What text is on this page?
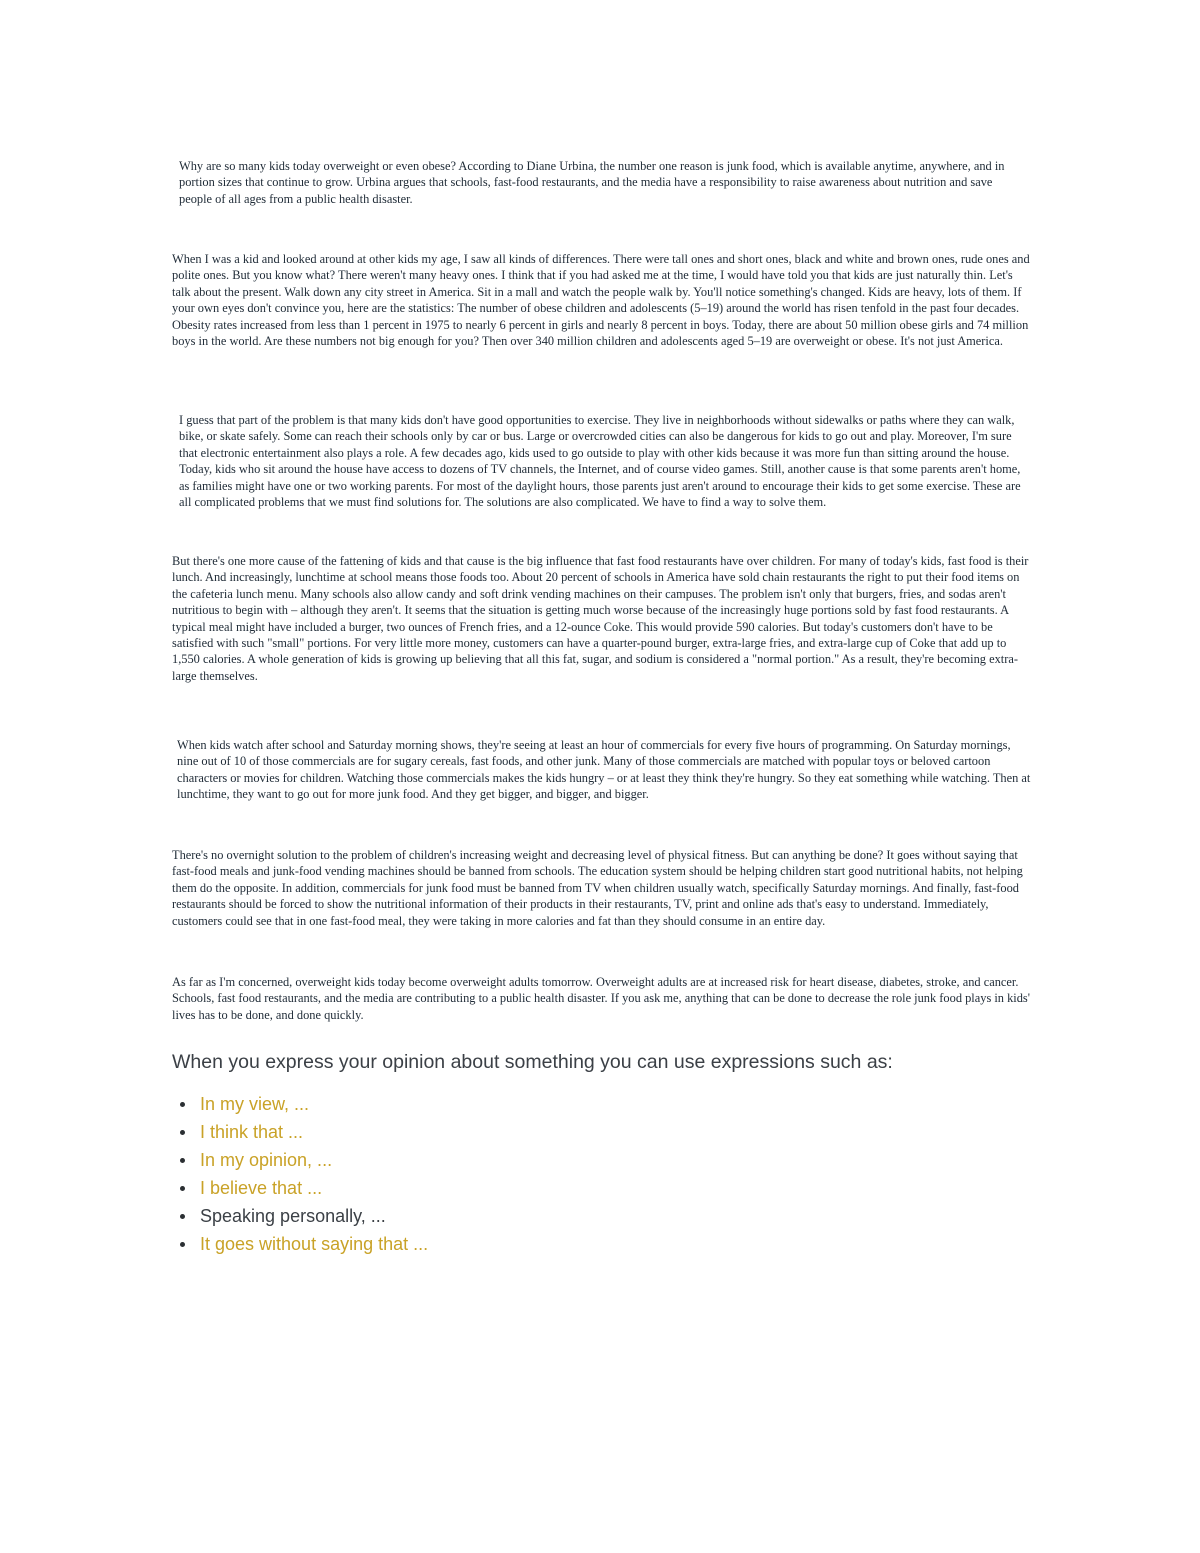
Why are so many kids today overweight or even obese? According to Diane Urbina, the number one reason is junk food, which is available anytime, anywhere, and in portion sizes that continue to grow. Urbina argues that schools, fast-food restaurants, and the media have a responsibility to raise awareness about nutrition and save people of all ages from a public health disaster.

When I was a kid and looked around at other kids my age, I saw all kinds of differences. There were tall ones and short ones, black and white and brown ones, rude ones and polite ones. But you know what? There weren't many heavy ones. I think that if you had asked me at the time, I would have told you that kids are just naturally thin. Let's talk about the present. Walk down any city street in America. Sit in a mall and watch the people walk by. You'll notice something's changed. Kids are heavy, lots of them. If your own eyes don't convince you, here are the statistics: The number of obese children and adolescents (5–19) around the world has risen tenfold in the past four decades. Obesity rates increased from less than 1 percent in 1975 to nearly 6 percent in girls and nearly 8 percent in boys. Today, there are about 50 million obese girls and 74 million boys in the world. Are these numbers not big enough for you? Then over 340 million children and adolescents aged 5–19 are overweight or obese. It's not just America.

I guess that part of the problem is that many kids don't have good opportunities to exercise. They live in neighborhoods without sidewalks or paths where they can walk, bike, or skate safely. Some can reach their schools only by car or bus. Large or overcrowded cities can also be dangerous for kids to go out and play. Moreover, I'm sure that electronic entertainment also plays a role. A few decades ago, kids used to go outside to play with other kids because it was more fun than sitting around the house. Today, kids who sit around the house have access to dozens of TV channels, the Internet, and of course video games. Still, another cause is that some parents aren't home, as families might have one or two working parents. For most of the daylight hours, those parents just aren't around to encourage their kids to get some exercise. These are all complicated problems that we must find solutions for. The solutions are also complicated. We have to find a way to solve them.

But there's one more cause of the fattening of kids and that cause is the big influence that fast food restaurants have over children. For many of today's kids, fast food is their lunch. And increasingly, lunchtime at school means those foods too. About 20 percent of schools in America have sold chain restaurants the right to put their food items on the cafeteria lunch menu. Many schools also allow candy and soft drink vending machines on their campuses. The problem isn't only that burgers, fries, and sodas aren't nutritious to begin with – although they aren't. It seems that the situation is getting much worse because of the increasingly huge portions sold by fast food restaurants. A typical meal might have included a burger, two ounces of French fries, and a 12-ounce Coke. This would provide 590 calories. But today's customers don't have to be satisfied with such "small" portions. For very little more money, customers can have a quarter-pound burger, extra-large fries, and extra-large cup of Coke that add up to 1,550 calories. A whole generation of kids is growing up believing that all this fat, sugar, and sodium is considered a "normal portion." As a result, they're becoming extra-large themselves.

When kids watch after school and Saturday morning shows, they're seeing at least an hour of commercials for every five hours of programming. On Saturday mornings, nine out of 10 of those commercials are for sugary cereals, fast foods, and other junk. Many of those commercials are matched with popular toys or beloved cartoon characters or movies for children. Watching those commercials makes the kids hungry – or at least they think they're hungry. So they eat something while watching. Then at lunchtime, they want to go out for more junk food. And they get bigger, and bigger, and bigger.

There's no overnight solution to the problem of children's increasing weight and decreasing level of physical fitness. But can anything be done? It goes without saying that fast-food meals and junk-food vending machines should be banned from schools. The education system should be helping children start good nutritional habits, not helping them do the opposite. In addition, commercials for junk food must be banned from TV when children usually watch, specifically Saturday mornings. And finally, fast-food restaurants should be forced to show the nutritional information of their products in their restaurants, TV, print and online ads that's easy to understand. Immediately, customers could see that in one fast-food meal, they were taking in more calories and fat than they should consume in an entire day.

As far as I'm concerned, overweight kids today become overweight adults tomorrow. Overweight adults are at increased risk for heart disease, diabetes, stroke, and cancer. Schools, fast food restaurants, and the media are contributing to a public health disaster. If you ask me, anything that can be done to decrease the role junk food plays in kids' lives has to be done, and done quickly.

When you express your opinion about something you can use expressions such as:
In my view, ...
I think that ...
In my opinion, ...
I believe that ...
Speaking personally, ...
It goes without saying that ...
